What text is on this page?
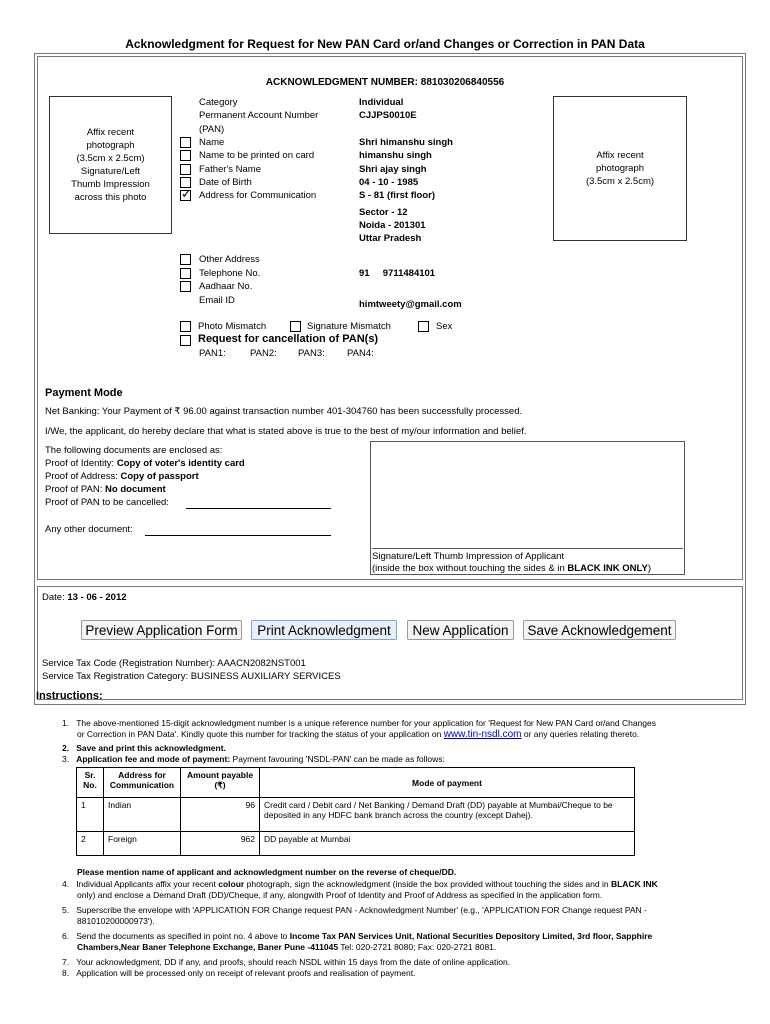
Acknowledgment for Request for New PAN Card or/and Changes or Correction in PAN Data
ACKNOWLEDGMENT NUMBER: 881030206840556
Affix recent
photograph
(3.5cm x 2.5cm)
Signature/Left
Thumb Impression
across this photo
Affix recent
photograph
(3.5cm x 2.5cm)
Category	Individual
Permanent Account Number	CJJPS0010E
(PAN)
Name	Shri himanshu singh
Name to be printed on card	himanshu singh
Father's Name	Shri ajay singh
Date of Birth	04 - 10 - 1985
✓
Address for Communication	S - 81 (first floor)
Sector - 12
Noida - 201301
Uttar Pradesh
Other Address
Telephone No.	91     9711484101
Aadhaar No.
Email ID	himtweety@gmail.com
Photo Mismatch	Signature Mismatch	Sex
Request for cancellation of PAN(s)
PAN1:	PAN2: PAN3: PAN4:
Payment Mode
Net Banking: Your Payment of ₹ 96.00 against transaction number 401-304760 has been successfully processed.
I/We, the applicant, do hereby declare that what is stated above is true to the best of my/our information and belief.
The following documents are enclosed as:
Proof of Identity: Copy of voter's identity card
Proof of Address: Copy of passport
Proof of PAN: No document
Proof of PAN to be cancelled:
Any other document:
Signature/Left Thumb Impression of Applicant
(inside the box without touching the sides & in BLACK INK ONLY)
Date: 13 - 06 - 2012
Preview Application Form	Print Acknowledgment	New Application	Save Acknowledgement
Service Tax Code (Registration Number): AAACN2082NST001
Service Tax Registration Category: BUSINESS AUXILIARY SERVICES
Instructions:
1.   The above-mentioned 15-digit acknowledgment number is a unique reference number for your application for 'Request for New PAN Card or/and Changes
or Correction in PAN Data'. Kindly quote this number for tracking the status of your application on www.tin-nsdl.com or any queries relating thereto.
2.   Save and print this acknowledgment.
3.   Application fee and mode of payment: Payment favouring 'NSDL-PAN' can be made as follows:
Sr. No.	Address for Communication	Amount payable (₹)	Mode of payment
1	Indian	96	Credit card / Debit card / Net Banking / Demand Draft (DD) payable at Mumbai/Cheque to be deposited in any HDFC bank branch across the country (except Dahej).
2	Foreign	962	DD payable at Mumbai
Please mention name of applicant and acknowledgment number on the reverse of cheque/DD.
4.   Individual Applicants affix your recent colour photograph, sign the acknowledgment (inside the box provided without touching the sides and in BLACK INK
only) and enclose a Demand Draft (DD)/Cheque, if any, alongwith Proof of Identity and Proof of Address as specified in the application form.
5.   Superscribe the envelope with 'APPLICATION FOR Change request PAN - Acknowledgment Number' (e.g., 'APPLICATION FOR Change request PAN -
881010200000973').
6.   Send the documents as specified in point no. 4 above to Income Tax PAN Services Unit, National Securities Depository Limited, 3rd floor, Sapphire
Chambers,Near Baner Telephone Exchange, Baner Pune -411045 Tel: 020-2721 8080; Fax: 020-2721 8081.
7.   Your acknowledgment, DD if any, and proofs, should reach NSDL within 15 days from the date of online application.
8.   Application will be processed only on receipt of relevant proofs and realisation of payment.
